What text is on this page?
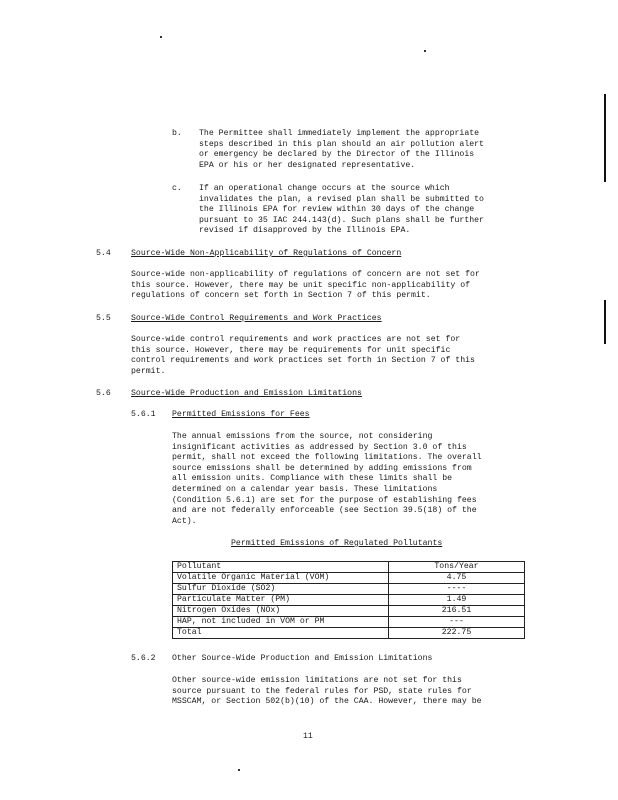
b. The Permittee shall immediately implement the appropriate
steps described in this plan should an air pollution alert
or emergency be declared by the Director of the Illinois
EPA or his or her designated representative.
c. If an operational change occurs at the source which
invalidates the plan, a revised plan shall be submitted to
the Illinois EPA for review within 30 days of the change
pursuant to 35 IAC 244.143(d). Such plans shall be further
revised if disapproved by the Illinois EPA.
5.4 Source-Wide Non-Applicability of Regulations of Concern
Source-wide non-applicability of regulations of concern are not set for
this source. However, there may be unit specific non-applicability of
regulations of concern set forth in Section 7 of this permit.
5.5 Source-Wide Control Requirements and Work Practices
Source-wide control requirements and work practices are not set for
this source. However, there may be requirements for unit specific
control requirements and work practices set forth in Section 7 of this
permit.
5.6 Source-Wide Production and Emission Limitations
5.6.1 Permitted Emissions for Fees
The annual emissions from the source, not considering
insignificant activities as addressed by Section 3.0 of this
permit, shall not exceed the following limitations. The overall
source emissions shall be determined by adding emissions from
all emission units. Compliance with these limits shall be
determined on a calendar year basis. These limitations
(Condition 5.6.1) are set for the purpose of establishing fees
and are not federally enforceable (see Section 39.5(18) of the
Act).
Permitted Emissions of Regulated Pollutants
Pollutant	Tons/Year
Volatile Organic Material (VOM)	4.75
Sulfur Dioxide (SO2)	----
Particulate Matter (PM)	1.49
Nitrogen Oxides (NOx)	216.51
HAP, not included in VOM or PM	---
Total	222.75
5.6.2 Other Source-Wide Production and Emission Limitations
Other source-wide emission limitations are not set for this
source pursuant to the federal rules for PSD, state rules for
MSSCAM, or Section 502(b)(10) of the CAA. However, there may be
11
